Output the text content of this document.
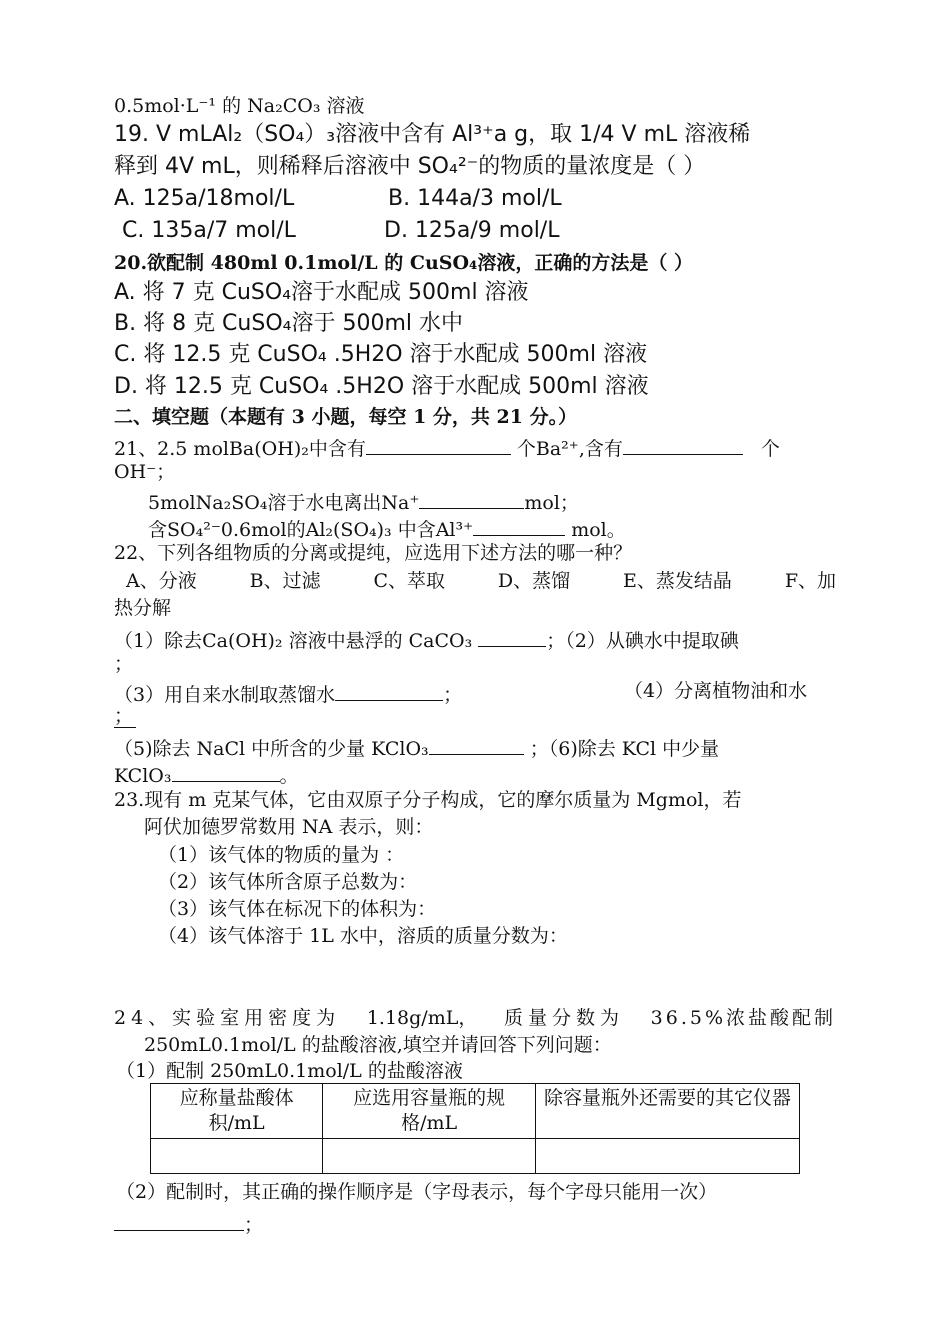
0.5mol·L⁻¹ 的 Na₂CO₃ 溶液
19. V mLAl₂（SO₄）₃溶液中含有 Al³⁺a g，取 1/4 V mL 溶液稀
释到 4V mL，则稀释后溶液中 SO₄²⁻的物质的量浓度是（ ）
A. 125a/18mol/L	B. 144a/3 mol/L
C. 135a/7 mol/L	D. 125a/9 mol/L
20.欲配制 480ml 0.1mol/L 的 CuSO₄溶液，正确的方法是（ ）
A. 将 7 克 CuSO₄溶于水配成 500ml 溶液
B. 将 8 克 CuSO₄溶于 500ml 水中
C. 将 12.5 克 CuSO₄ .5H2O 溶于水配成 500ml 溶液
D. 将 12.5 克 CuSO₄ .5H2O 溶于水配成 500ml 溶液
二、填空题（本题有 3 小题，每空 1 分，共 21 分。）
21、2.5 molBa(OH)₂中含有	个Ba²⁺,含有	个
OH⁻；
5molNa₂SO₄溶于水电离出Na⁺	mol；
含SO₄²⁻0.6mol的Al₂(SO₄)₃ 中含Al³⁺	mol。
22、下列各组物质的分离或提纯，应选用下述方法的哪一种？
A、分液	B、过滤	C、萃取	D、蒸馏	E、蒸发结晶	F、加
热分解
（1）除去Ca(OH)₂ 溶液中悬浮的 CaCO₃	；（2）从碘水中提取碘
；
（3）用自来水制取蒸馏水	；	（4）分离植物油和水
；
（5)除去 NaCl 中所含的少量 KClO₃	；（6)除去 KCl 中少量
KClO₃	。
23.现有 m 克某气体，它由双原子分子构成，它的摩尔质量为 Mgmol，若
阿伏加德罗常数用 NA 表示，则：
（1）该气体的物质的量为 ：
（2）该气体所含原子总数为：
（3）该气体在标况下的体积为：
（4）该气体溶于 1L 水中，溶质的质量分数为：
24、实验室用密度为 1.18g/mL， 质量分数为 36.5%浓盐酸配制
250mL0.1mol/L 的盐酸溶液,填空并请回答下列问题：
（1）配制 250mL0.1mol/L 的盐酸溶液
应称量盐酸体积/mL	应选用容量瓶的规格/mL	除容量瓶外还需要的其它仪器

（2）配制时，其正确的操作顺序是（字母表示，每个字母只能用一次）
；
